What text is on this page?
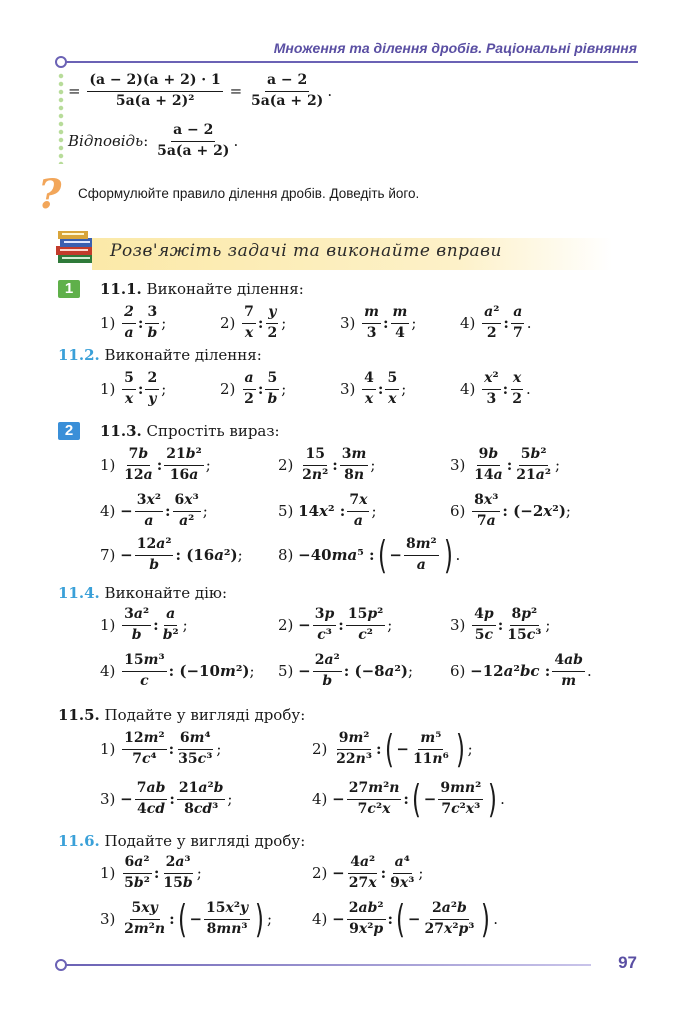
Множення та ділення дробів. Раціональні рівняння
=
$\frac{(a - 2)(a + 2) \cdot 1}{\text{5a(a + 2)²}}$
=
$\frac{a - 2}{5a(a + 2)}$ .
Відповідь :
$\frac{a - 2}{5a(a + 2)}$ .
? Сформулюйте правило ділення дробів. Доведіть його.
Розв'яжіть задачі та виконайте вправи
1	11.1.
Виконайте ділення:
$1) \frac{2}{a}$ : $\frac{3}{b}$ ;	$2) \frac{7}{x}$ : $\frac{y}{2}$ ;	$3) \frac{m}{3}$ : $\frac{m}{4}$ ;	$4) \frac{\text{a²}}{2}$ : $\frac{a}{7}$ .
11.2.
Виконайте ділення:
$1) \frac{5}{x}$ : $\frac{2}{y}$ ;	$2) \frac{a}{2}$ : $\frac{5}{b}$ ;	$3) \frac{4}{x}$ : $\frac{5}{x}$ ;	$4) \frac{\text{x²}}{3}$ : $\frac{x}{2}$ .
2	11.3.
Спростіть вираз:
$1) \frac{7b}{12a}$ : $\frac{\text{21b²}}{16a}$ ;	$2) \frac{15}{\text{2n²}}$ : $\frac{3m}{8n}$ ;	$3) \frac{9b}{14a}$ : $\frac{\text{5b²}}{\text{21a²}}$ ;
$4) - \frac{\text{3x²}}{a}$ : $\frac{\text{6x³}}{\text{a²}}$ ;	5) 14x² : $\frac{7x}{a}$ ;	$6) \frac{\text{8x³}}{7a}$ : (−2x²) ;
$7) - \frac{\text{12a²}}{b}$ : (16a²) ;	8) −40ma⁵ : ( − $\frac{\text{8m²}}{a}$ ) .
11.4.
Виконайте дію:
$1) \frac{\text{3a²}}{b}$ : $\frac{a}{\text{b²}}$ ;	$2) - \frac{3p}{\text{c³}}$ : $\frac{\text{15p²}}{\text{c²}}$ ;	$3) \frac{4p}{5c}$ : $\frac{\text{8p²}}{\text{15c³}}$ ;
$4) \frac{\text{15m³}}{c}$ : (−10m²) ;	$5) - \frac{\text{2a²}}{b}$ : (−8a²) ;	6) −12a²bc : $\frac{4ab}{m}$ .
11.5.
Подайте у вигляді дробу:
$1) \frac{\text{12m²}}{\text{7c⁴}}$ : $\frac{\text{6m⁴}}{\text{35c³}}$ ;	$2) \frac{\text{9m²}}{\text{22n³}}$ : ( − $\frac{\text{m⁵}}{\text{11n⁶}}$ ) ;
$3) - \frac{7ab}{4cd}$ : $\frac{\text{21a²b}}{\text{8cd³}}$ ;	$4) - \frac{\text{27m²n}}{\text{7c²x}}$ : ( − $\frac{\text{9mn²}}{\text{7c²x³}}$ ) .
11.6.
Подайте у вигляді дробу:
$1) \frac{\text{6a²}}{\text{5b²}}$ : $\frac{\text{2a³}}{15b}$ ;	$2) - \frac{\text{4a²}}{27x}$ : $\frac{\text{a⁴}}{\text{9x³}}$ ;
$3) \frac{5xy}{\text{2m²n}}$ : ( − $\frac{\text{15x²y}}{\text{8mn³}}$ ) ;	$4) - \frac{\text{2ab²}}{\text{9x²p}}$ : ( − $\frac{\text{2a²b}}{\text{27x²p³}}$ ) .
97
